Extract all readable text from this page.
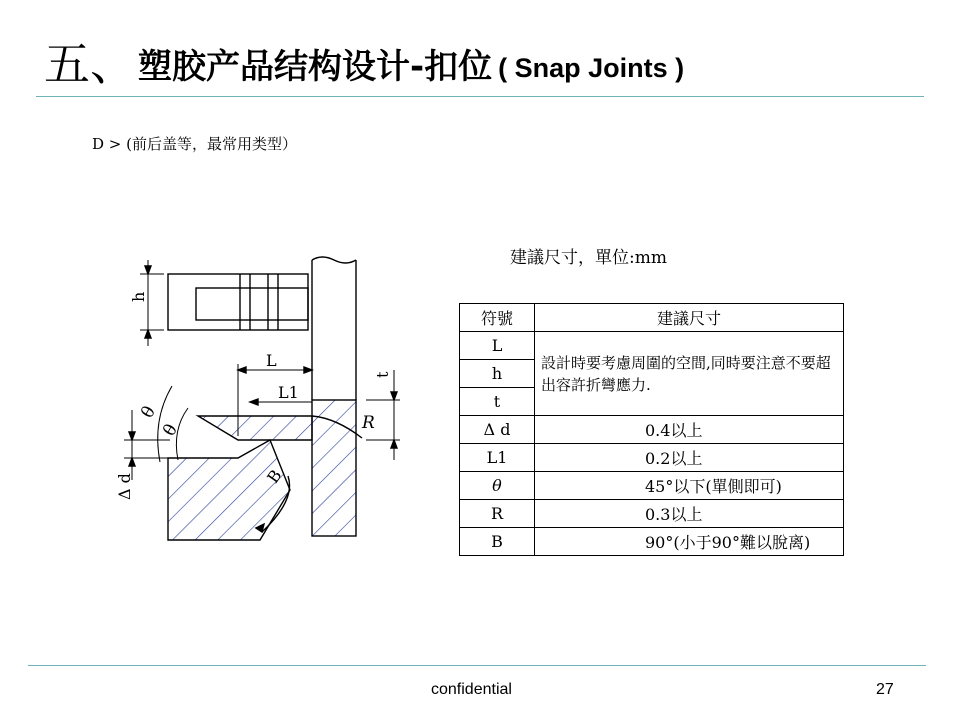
五、 塑胶产品结构设计-扣位 ( Snap Joints )
D > (前后盖等，最常用类型）
建議尺寸，單位:mm
h
L
L1
t
θ
θ	R
B
Δ d
符號	建議尺寸
L	設計時要考慮周圍的空間,同時要注意不要超出容許折彎應力.
h	
t	
Δ d	0.4以上
L1	0.2以上
θ	45°以下(單側即可)
R	0.3以上
B	90°(小于90°難以脫离)
confidential	27
